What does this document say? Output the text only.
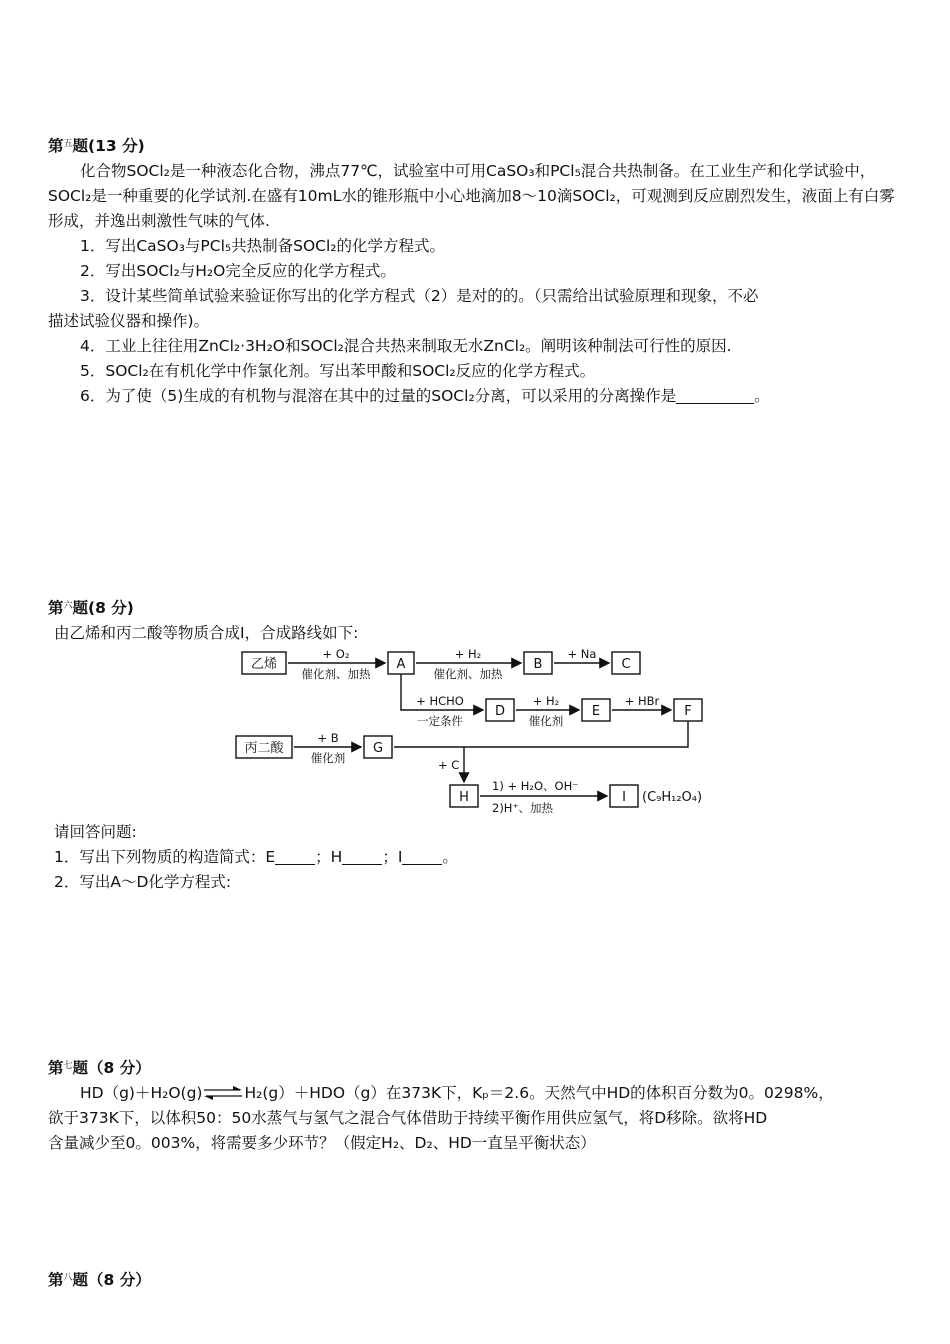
第$^五$题(13 分)
化合物SOCl₂是一种液态化合物，沸点77℃，试验室中可用CaSO₃和PCl₅混合共热制备。在工业生产和化学试验中，SOCl₂是一种重要的化学试剂.在盛有10mL水的锥形瓶中小心地滴加8～10滴SOCl₂，可观测到反应剧烈发生，液面上有白雾形成，并逸出刺激性气味的气体.
1．写出CaSO₃与PCl₅共热制备SOCl₂的化学方程式。
2．写出SOCl₂与H₂O完全反应的化学方程式。
3．设计某些简单试验来验证你写出的化学方程式（2）是对的的。（只需给出试验原理和现象，不必
描述试验仪器和操作)。
4．工业上往往用ZnCl₂·3H₂O和SOCl₂混合共热来制取无水ZnCl₂。阐明该种制法可行性的原因.
5．SOCl₂在有机化学中作氯化剂。写出苯甲酸和SOCl₂反应的化学方程式。
6．为了使（5)生成的有机物与混溶在其中的过量的SOCl₂分离，可以采用的分离操作是	。
第$^六$题(8 分)
由乙烯和丙二酸等物质合成Ⅰ，合成路线如下:
乙烯	A	B	C
D	E	F
丙二酸	G
H	I (C₉H₁₂O₄)
+ O₂
催化剂、加热
+ H₂
催化剂、加热
+ Na
+ HCHO
一定条件
+ H₂
催化剂
+ HBr
+ B
催化剂	+ C
1) + H₂O、OH⁻
2)H⁺、加热
请回答问题:
1．写出下列物质的构造简式：E	；H	；I	。
2．写出A～D化学方程式:
第$^七$题（8 分）
HD（g)＋H₂O(g)⇌H₂(g）＋HDO（g）在373K下，Kₚ＝2.6。天然气中HD的体积百分数为0。0298%，
欲于373K下，以体积50：50水蒸气与氢气之混合气体借助于持续平衡作用供应氢气，将D移除。欲将HD
含量减少至0。003%，将需要多少环节？（假定H₂、D₂、HD一直呈平衡状态）
第$^八$题（8 分）
